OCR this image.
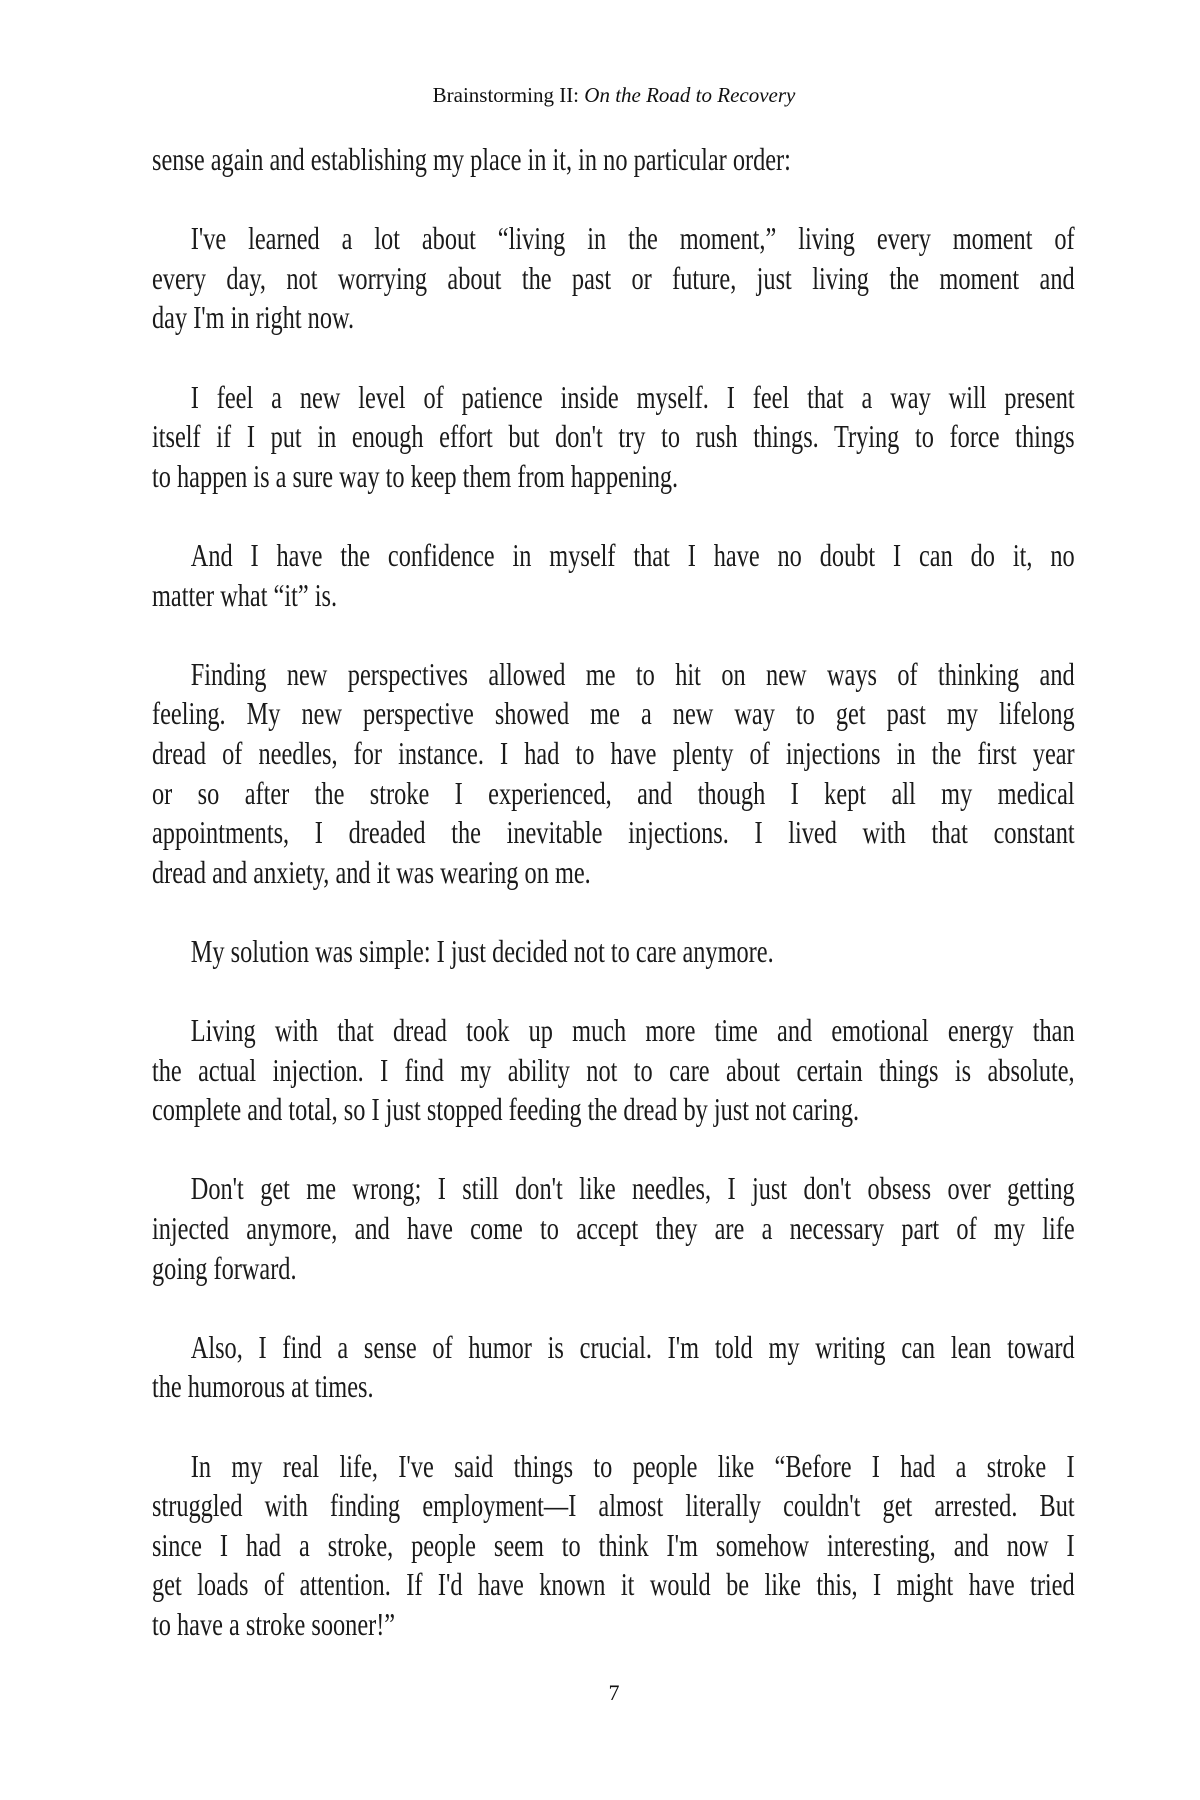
Brainstorming II: On the Road to Recovery
sense again and establishing my place in it, in no particular order:
I've learned a lot about “living in the moment,” living every moment of
every day, not worrying about the past or future, just living the moment and
day I'm in right now.
I feel a new level of patience inside myself. I feel that a way will present
itself if I put in enough effort but don't try to rush things. Trying to force things
to happen is a sure way to keep them from happening.
And I have the confidence in myself that I have no doubt I can do it, no
matter what “it” is.
Finding new perspectives allowed me to hit on new ways of thinking and
feeling. My new perspective showed me a new way to get past my lifelong
dread of needles, for instance. I had to have plenty of injections in the first year
or so after the stroke I experienced, and though I kept all my medical
appointments, I dreaded the inevitable injections. I lived with that constant
dread and anxiety, and it was wearing on me.
My solution was simple: I just decided not to care anymore.
Living with that dread took up much more time and emotional energy than
the actual injection. I find my ability not to care about certain things is absolute,
complete and total, so I just stopped feeding the dread by just not caring.
Don't get me wrong; I still don't like needles, I just don't obsess over getting
injected anymore, and have come to accept they are a necessary part of my life
going forward.
Also, I find a sense of humor is crucial. I'm told my writing can lean toward
the humorous at times.
In my real life, I've said things to people like “Before I had a stroke I
struggled with finding employment—I almost literally couldn't get arrested. But
since I had a stroke, people seem to think I'm somehow interesting, and now I
get loads of attention. If I'd have known it would be like this, I might have tried
to have a stroke sooner!”
7
